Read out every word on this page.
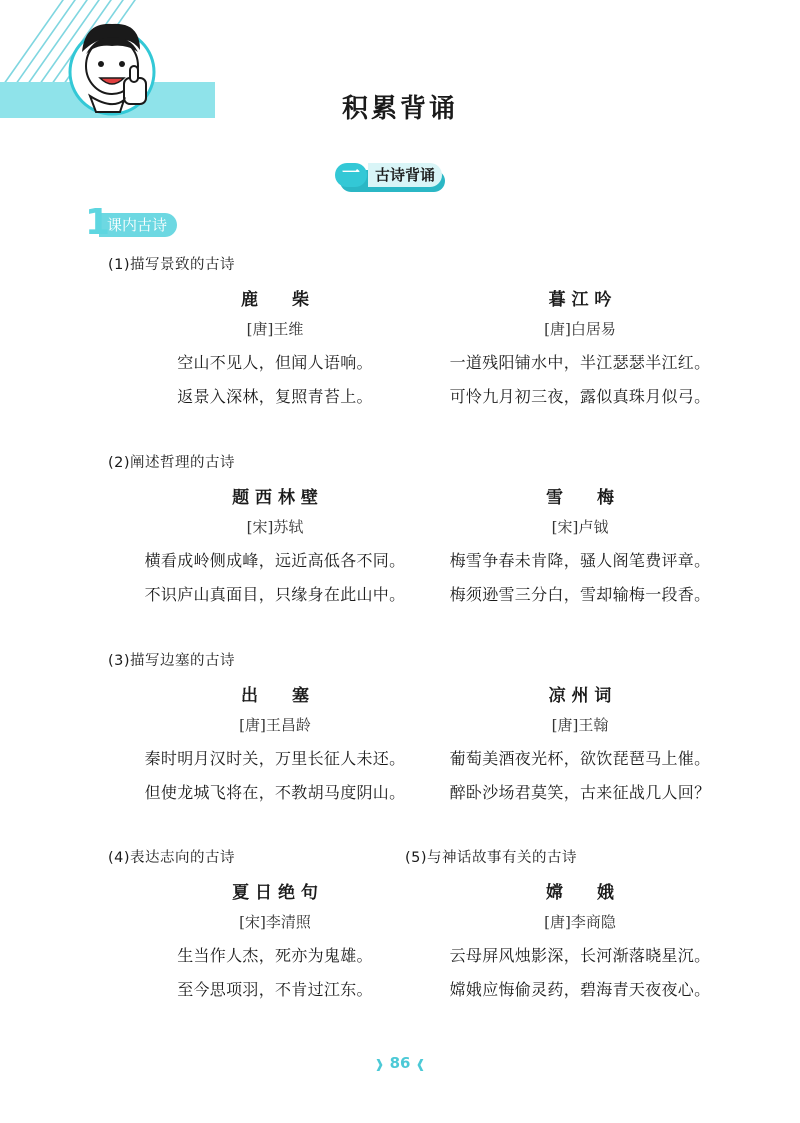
积累背诵
一 古诗背诵
课内古诗
1
(1)描写景致的古诗
鹿　　柴
[唐]王维
空山不见人，但闻人语响。
返景入深林，复照青苔上。
暮 江 吟
[唐]白居易
一道残阳铺水中，半江瑟瑟半江红。
可怜九月初三夜，露似真珠月似弓。
(2)阐述哲理的古诗
题 西 林 壁
[宋]苏轼
横看成岭侧成峰，远近高低各不同。
不识庐山真面目，只缘身在此山中。
雪　　梅
[宋]卢钺
梅雪争春未肯降，骚人阁笔费评章。
梅须逊雪三分白，雪却输梅一段香。
(3)描写边塞的古诗
出　　塞
[唐]王昌龄
秦时明月汉时关，万里长征人未还。
但使龙城飞将在，不教胡马度阴山。
凉 州 词
[唐]王翰
葡萄美酒夜光杯，欲饮琵琶马上催。
醉卧沙场君莫笑，古来征战几人回？
(4)表达志向的古诗	(5)与神话故事有关的古诗
夏 日 绝 句
[宋]李清照
生当作人杰，死亦为鬼雄。
至今思项羽，不肯过江东。
嫦　　娥
[唐]李商隐
云母屏风烛影深，长河渐落晓星沉。
嫦娥应悔偷灵药，碧海青天夜夜心。
❱ 86 ❰
